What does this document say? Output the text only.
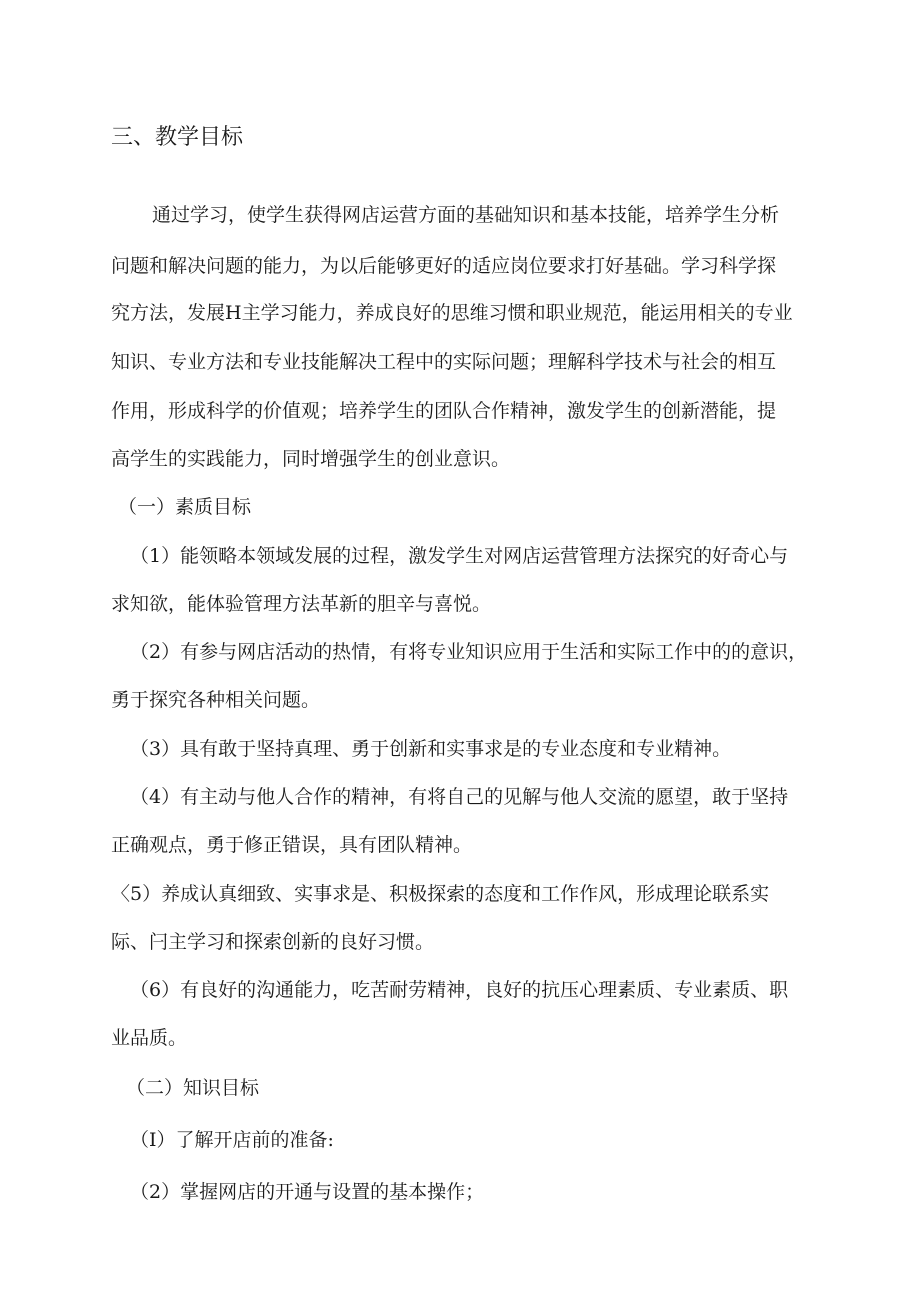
三、教学目标
通过学习，使学生获得网店运营方面的基础知识和基本技能，培养学生分析
问题和解决问题的能力，为以后能够更好的适应岗位要求打好基础。学习科学探
究方法，发展H主学习能力，养成良好的思维习惯和职业规范，能运用相关的专业
知识、专业方法和专业技能解决工程中的实际问题；理解科学技术与社会的相互
作用，形成科学的价值观；培养学生的团队合作精神，激发学生的创新潜能，提
高学生的实践能力，同时增强学生的创业意识。
（一）素质目标
（1）能领略本领域发展的过程，激发学生对网店运营管理方法探究的好奇心与
求知欲，能体验管理方法革新的胆辛与喜悦。
（2）有参与网店活动的热情，有将专业知识应用于生活和实际工作中的的意识，
勇于探究各种相关问题。
（3）具有敢于坚持真理、勇于创新和实事求是的专业态度和专业精神。
（4）有主动与他人合作的精神，有将自己的见解与他人交流的愿望，敢于坚持
正确观点，勇于修正错误，具有团队精神。
〈5）养成认真细致、实事求是、积极探索的态度和工作作风，形成理论联系实
际、闩主学习和探索创新的良好习惯。
（6）有良好的沟通能力，吃苦耐劳精神，良好的抗压心理素质、专业素质、职
业品质。
（二）知识目标
（I）了解开店前的准备:
（2）掌握网店的开通与设置的基本操作；
